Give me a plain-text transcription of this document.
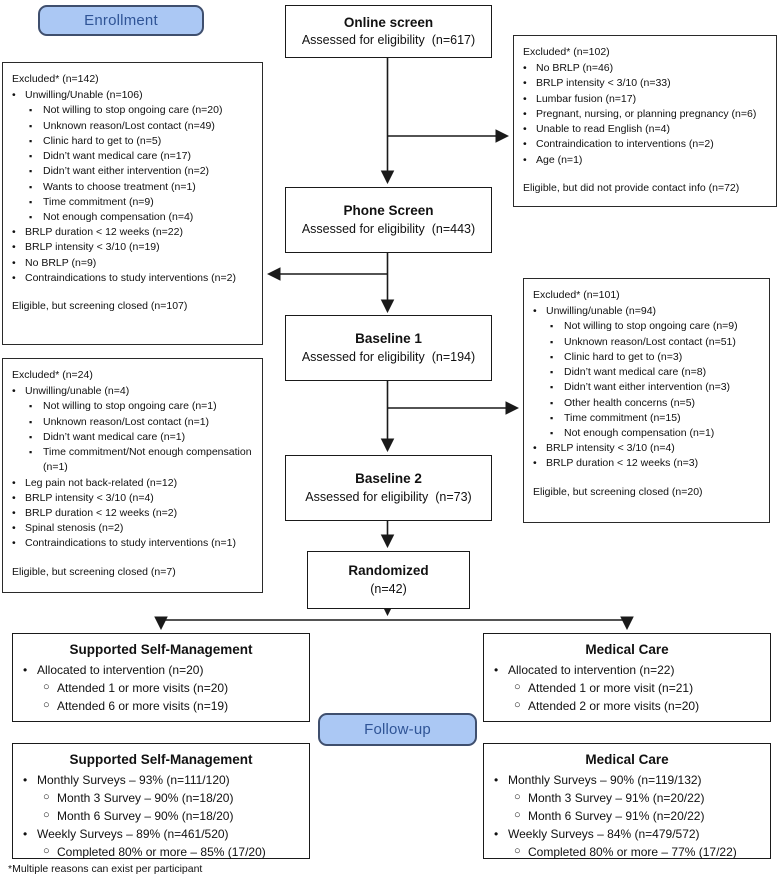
Enrollment	Online screen
Assessed for eligibility  (n=617)
Excluded* (n=102)
• No BRLP (n=46)
• BRLP intensity < 3/10 (n=33)
• Lumbar fusion (n=17)
• Pregnant, nursing, or planning pregnancy (n=6)
• Unable to read English (n=4)
• Contraindication to interventions (n=2)
• Age (n=1)
Eligible, but did not provide contact info (n=72)
Excluded* (n=142)
• Unwilling/Unable (n=106)
▪	Not willing to stop ongoing care (n=20)
▪	Unknown reason/Lost contact (n=49)
▪	Clinic hard to get to (n=5)
▪	Didn’t want medical care (n=17)
▪	Didn’t want either intervention (n=2)
▪	Wants to choose treatment (n=1)
▪	Time commitment (n=9)
▪	Not enough compensation (n=4)
• BRLP duration < 12 weeks (n=22)
• BRLP intensity < 3/10 (n=19)
• No BRLP (n=9)
• Contraindications to study interventions (n=2)
Eligible, but screening closed (n=107)
Phone Screen
Assessed for eligibility  (n=443)
Excluded* (n=101)
• Unwilling/unable (n=94)
▪	Not willing to stop ongoing care (n=9)
▪	Unknown reason/Lost contact (n=51)
▪	Clinic hard to get to (n=3)
▪	Didn’t want medical care (n=8)
▪	Didn’t want either intervention (n=3)
▪	Other health concerns (n=5)
▪	Time commitment (n=15)
▪	Not enough compensation (n=1)
• BRLP intensity < 3/10 (n=4)
• BRLP duration < 12 weeks (n=3)
Eligible, but screening closed (n=20)
Baseline 1
Assessed for eligibility  (n=194)
Excluded* (n=24)
• Unwilling/unable (n=4)
▪	Not willing to stop ongoing care (n=1)
▪	Unknown reason/Lost contact (n=1)
▪	Didn’t want medical care (n=1)
▪	Time commitment/Not enough compensation (n=1)
• Leg pain not back-related (n=12)
• BRLP intensity < 3/10 (n=4)
• BRLP duration < 12 weeks (n=2)
• Spinal stenosis (n=2)
• Contraindications to study interventions (n=1)
Eligible, but screening closed (n=7)
Baseline 2
Assessed for eligibility  (n=73)
Randomized
(n=42)
Supported Self-Management
• Allocated to intervention (n=20)
○ Attended 1 or more visits (n=20)
○ Attended 6 or more visits (n=19)
Medical Care
• Allocated to intervention (n=22)
○ Attended 1 or more visit (n=21)
○ Attended 2 or more visits (n=20)
Follow-up
Supported Self-Management
• Monthly Surveys – 93% (n=111/120)
○ Month 3 Survey – 90% (n=18/20)
○ Month 6 Survey – 90% (n=18/20)
• Weekly Surveys – 89% (n=461/520)
○ Completed 80% or more – 85% (17/20)
Medical Care
• Monthly Surveys – 90% (n=119/132)
○ Month 3 Survey – 91% (n=20/22)
○ Month 6 Survey – 91% (n=20/22)
• Weekly Surveys – 84% (n=479/572)
○ Completed 80% or more – 77% (17/22)
*Multiple reasons can exist per participant
